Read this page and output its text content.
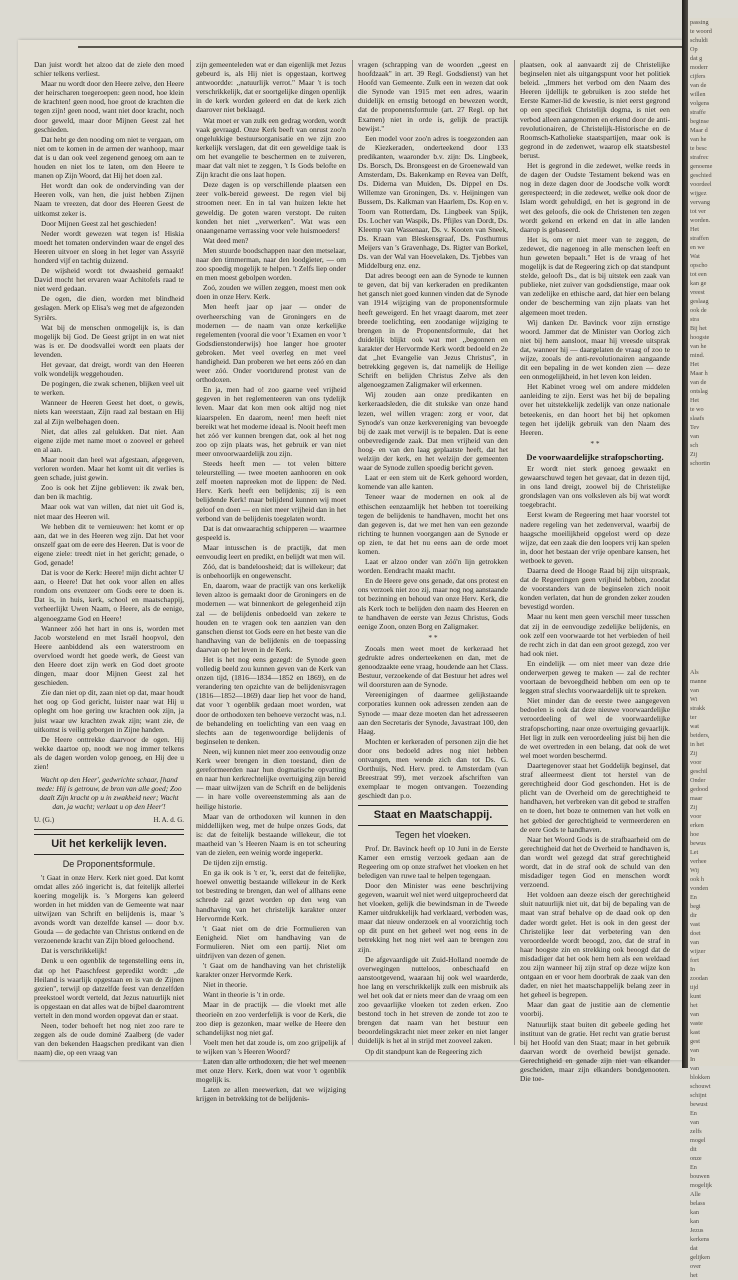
Dan juist wordt het alzoo dat de ziele den moed schier telkens verliest.

Maar nu wordt door den Heere zelve, den Heere der heirscharen toegeroepen: geen nood, hoe klein de krachten! geen nood, hoe groot de krachten die tegen zijn! geen nood, want niet door kracht, noch door geweld, maar door Mijnen Geest zal het geschieden.

Dat hebt ge den nooding om niet te vergaan, om niet om te komen in de armen der wanhoop, maar dat is u dan ook veel zegenend genoeg om aan te houden en niet los te laten, om den Heere te manen op Zijn Woord, dat Hij het doen zal.

Het wordt dan ook de ondervinding van der Heeren volk, van hen, die juist hebben Zijnen Naam te vreezen, dat door des Heeren Geest de uitkomst zeker is.

Door Mijnen Geest zal het geschieden!

Neder wordt gewezen wat tegen is! Hiskia moedt het tomaten ondervinden waar de engel des Heeren uitvoer en sloeg in het leger van Assyrië honderd vijf en tachtig duizend.

De wijsheid wordt tot dwaasheid gemaakt! David mocht het ervaren waar Achitofels raad te niet werd gedaan.

De ogen, die dien, worden met blindheid geslagen. Merk op Elisa's weg met de afgezonden Syriërs.

Wat bij de menschen onmogelijk is, is dan mogelijk bij God. De Geest grijpt in en wat niet was is er. De doodsvallei wordt een plaats der levenden.

Het gevaar, dat dreigt, wordt van den Heeren volk wondelijk weggehouden.

De pogingen, die zwak schenen, blijken veel uit te werken.

Wanneer de Heeren Geest het doet, o gewis, niets kan weerstaan, Zijn raad zal bestaan en Hij zal al Zijn welbehagen doen.

Niet, dat alles zal gelukken. Dat niet. Aan eigene zijde met name moet o zooveel er geheel en al aan.

Maar nooit dan heel wat afgestaan, afgegeven, verloren worden. Maar het komt uit dit verlies is geen schade, juist gewin.

Zoo is ook het Zijne geblieven: ik zwak ben, dan ben ik machtig.

Maar ook wat van willen, dat niet uit God is, niet maar des Heeren wil.

We hebben dit te vernieuwen: het komt er op aan, dat we in des Heeren weg zijn. Dat het voor onszelf gaat om de eere des Heeren. Dat is voor de eigene ziele: treedt niet in het gericht; genade, o God, genade!

Dat is voor de Kerk: Heere! mijn dicht achter U aan, o Heere! Dat het ook voor allen en alles rondom ons evenzeer om Gods eere te doen is. Dat is, in huis, kerk, school en maatschappij, verheerlijkt Uwen Naam, o Heere, als de eenige, algenoegzame God en Heere!

Wanneer zóó het hart in ons is, worden met Jacob worstelend en met Israël hoopvol, den Heere aanbiddend als een waterstroom en overvloed wordt het goede werk, de Geest van den Heere doet zijn werk en God doet groote dingen, maar door Mijnen Geest zal het geschieden.

Zie dan niet op dit, zaan niet op dat, maar houdt het oog op God gericht, luister naar wat Hij u opleght om hoe gering uw krachten ook zijn, ja juist waar uw krachten zwak zijn; want zie, de uitkomst is veilig geborgen in Zijne handen.

De Heere onttrekke daarvoor de ogen. Hij wekke daartoe op, noodt we nog immer telkens als de dagen worden volop genoeg, en Hij dee u zien!

Wacht op den Heer', gedwrichte schaar, [hand mede: Hij is getrouw, de bron van alle goed; Zoo daalt Zijn kracht op u in zwakheid neer; Wacht dan, ja wacht; verlaat u op den Heer'!
U. (G.)	H. A. d. G.
Uit het kerkelijk leven.
De Proponentsformule.

't Gaat in onze Herv. Kerk niet goed. Dat komt omdat alles zóó ingericht is, dat feitelijk allerlei koering mogelijk is. 's Morgens kan geleerd worden in het midden van de Gemeente wat naar uitwijzen van Schrift en belijdenis is, maar 's avonds wordt van dezelfde kansel — door b.v. Gouda — de gedachte van Christus ontkend en de verzoenende kracht van Zijn bloed geloochend.

Dat is verschrikkelijk!

Denk u een ogenblik de tegenstelling eens in, dat op het Paaschfeest gepredikt wordt: ,,de Heiland is waarlijk opgestaan en is van de Zijnen gezien", terwijl op datzelfde feest van denzelfden preekstoel wordt verteld, dat Jezus natuurlijk niet is opgestaan en dat alles wat de bijbel daaromtrent vertelt in den mond worden opgevat dan er staat.

Neen, toder behoeft het nog niet zoo rare te zeggen als de oude dominé Zaalberg (de vader van den bekenden Haagschen predikant van dien naam) die, op een vraag van

zijn gemeenteleden wat er dan eigenlijk met Jezus gebeurd is, als Hij niet is opgestaan, kortweg antwoordde: ,,natuurlijk verrot." Maar 't is toch verschrikkelijk, dat er soortgelijke dingen openlijk in de kerk worden geleerd en dat de kerk zich daarover niet beklaagd.

Wat moet er van zulk een gedrag worden, wordt vaak gevraagd. Onze Kerk beeft van onrust zoo'n ongelukkige bestuursorganisatie en we zijn zoo kerkelijk verslagen, dat dit een geweldige taak is om het evangelie te beschermen en te zuiveren, maar dat valt niet te zeggen, 't Is Gods belofte en Zijn kracht die ons laat hopen.

Deze dagen is op verschillende plaatsen een zeer volk-bereid geweest. De regen viel bij stroomen neer. En in tal van huizen lekte het geweldig. De goten waren verstopt. De ruiten konden het niet ,,verwerken". Wat was een onaangename verrassing voor vele huismoeders!

Wat deed men?

Men stuurde boodschappen naar den metselaar, naar den timmerman, naar den loodgieter, — om zoo spoedig mogelijk te helpen. 't Zelfs liep onder en men moest gebolpen worden.

Zoó, zouden we willen zeggen, moest men ook doen in onze Herv. Kerk.

Men heeft jaar op jaar — onder de overheersching van de Groningers en de modernen — de naam van onze kerkelijke regelementen (vooral die voor 't Examen en voor 't Godsdienstonderwijs) hoe langer hoe grooter gebroken. Met veel overleg en met veel handigheid. Dan proberen we het eens zóó en dan weer zóó. Onder voortdurend protest van de orthodoxen.

En ja, men had o! zoo gaarne veel vrijheid gegeven in het reglementeeren van ons tydelijk leven. Maar dat kon men ook altijd nog niet kiaarspelen. En daarom, neen! men heeft niet bereikt wat het moderne ideaal is. Nooit heeft men het zóó ver kunnen brengen dat, ook al het nog zoo op zijn plaats was, het gebruik er van niet meer onvoorwaardelijk zou zijn.

Steeds heeft men — tot velen bittere teleurstelling — twee moeten aanhooren en ook zelf moeten napreeken mot de lippen: de Ned. Herv. Kerk heeft een belijdenis; zij is een belijdende Kerk! maar belijdend kunnen wij moet geloof en doen — en niet meer vrijheid dan in het verbond van de belijdenis toegelaten wordt.

Dat is dat onwaarachtig schipperen — waarmee gespeeld is.

Maar intusschen is de practijk, dat men eenvoudig leert en predikt, en belijdt wat men wil.

Zóó, dat is bandeloosheid; dat is willekeur; dat is onbehoorlijk en ongewenscht.

En, daarom, waar de practijk van ons kerkelijk leven alzoo is gemaakt door de Groningers en de modernen — wat binnenkort de gelegenheid zijn zal — de belijdenis onbedoeld van zekere te houden en te vragen ook ten aanzien van den ganschen dienst tot Gods eere en het beste van die handhaving van de belijdenis en de toepassing daarvan op het leven in de Kerk.

Het is het nog eens gezegd: de Synode geen volledig beeld zou kunnen geven van de Kerk van onzen tijd, (1816—1834—1852 en 1869), en de verandering ten opzichte van de belijdenisvragen (1816—1852—1869) daar liep het voor de hand, dat voor 't ogenblik gedaan moet worden, wat door de orthodoxen ten behoeve verzocht was, n.l. de behandeling en toelichting van een vaag en slechts aan de tegenwoordige belijdenis of beginselen te denken.

Neen, wij kunnen niet meer zoo eenvoudig onze Kerk weer brengen in dien toestand, dien de gereformeerden naar hun dogmatische opvatting en naar hun kerkrechtelijke overtuiging zijn bereid — maar uitwijzen van de Schrift en de belijdenis — in hare volle overeenstemming als aan de heilige historie.

Maar van de orthodoxen wil kunnen in den middellijken weg, met de hulpe onzes Gods, dat is: dat de feitelijk bestaande willekeur, die tot maatheid van 's Heeren Naam is en tot scheuring van de zielen, een weinig worde ingeperkt.

De tijden zijn ernstig.

En ga ik ook is 't er, 'k, eerst dat de feitelijke, hoewel onwettig bestaande willekeur in de Kerk tot bestreding te brengen, dan wel of allhans eene schrede zal gezet worden op den weg van handhaving van het christelijk karakter onzer Hervormde Kerk.

't Gaat niet om de drie Formulieren van Eenigheid. Niet om handhaving van de Formulieren. Niet om een partij. Niet om uitdrijven van dezen of genen.

't Gaat om de handhaving van het christelijk karakter onzer Hervormde Kerk.

Niet in theorie.

Want in theorie is 't in orde.

Maar in de practijk — die vloekt met alle theorieën en zoo verderfelijk is voor de Kerk, die zoo diep is gezonken, maar welke de Heere den schandelijkst nog niet gaf.

Voelt men het dat zoude is, om zoo grijpelijk af te wijken van 's Heeren Woord?

Laten dan alle orthodoxen, die het wel meenen met onze Herv. Kerk, doen wat voor 't ogenblik mogelijk is.

Laten ze allen meewerken, dat we wijziging krijgen in betrekking tot de belijdenis-

vragen (schrapping van de woorden ,,geest en hoofdzaak" in art. 39 Regl. Godsdienst) van het Hoofd van Gemeente. Zulk een in wezen dat ook die Synode van 1915 met een adres, waarin duidelijk en ernstig betoogd en bewezen wordt, dat de proponentsformule (art. 27 Regl. op het Examen) niet in orde is, gelijk de practijk bewijst."

Een model voor zoo'n adres is toegezonden aan de Kiezkeraden, onderteekend door 133 predikanten, waaronder b.v. zijn: Ds. Lingbeek, Ds. Borsch, Ds. Bronsgeest en de Groenewald van Amsterdam, Ds. Bakenkamp en Revea van Delft, Ds. Diderna van Muiden, Ds. Dippel en Ds. Willemze van Groningen, Ds. v. Heijningen van Bussem, Ds. Kalkman van Haarlem, Ds. Kop en v. Toorn van Rotterdam, Ds. Lingbeek van Spijk, Ds. Locher van Waspik, Ds. Pfijles van Dordt, Ds. Kleemp van Wassenaar, Ds. v. Kooten van Sneek, Ds. Kraan van Bleskensgraaf, Ds. Posthumus Meijers van 's Gravenhage, Ds. Rigter van Borkel, Ds. van der Wal van Hoevelaken, Ds. Tjebbes van Middelburg enz. enz.

Dat adres beoogt een aan de Synode te kunnen te geven, dat bij van kerkeraden en predikanten het gansch niet goed kunnen vinden dat de Synode van 1914 wijziging van de proponentsformule heeft geweigerd. En het vraagt daarom, met zeer breede toelichting, een zoodanige wijziging te brengen in de Proponentsformule, dat het duidelijk blijkt ook wat met ,,begonnen en karakter der Hervormde Kerk wordt bedoeld en 2e dat ,,het Evangelie van Jezus Christus", in betrekking gegeven is, dat namelijk de Heilige Schrift en belijden Christus Zelve als den algenoegzamen Zaligmaker wil erkennen.

Wij zouden aan onze predikanten en kerkeraadsleden, die dit stukske van onze hand lezen, wel willen vragen: zorg er voor, dat Synode's van onze kerkvereniging van bevoegde bij de zaak met verwijl is te bepalen. Dat is eene onbevredigende zaak. Dat men vrijheid van den hoog- en van den laag geplaatste heeft, dat het welzijn der kerk, en het welzijn der gemeenten waar de Synode zullen spoedig bericht geven.

Laat er een stem uit de Kerk gehoord worden, komende van alle kanten.

Teneer waar de modernen en ook al de ethischen eenzaamlijk het hebben tot toereiking tegen de belijdenis te handhaven, mocht het ons dan gegeven is, dat we met hen van een gezonde richting te hunnen voorgangen aan de Synode er op zien, te dat het nu eens aan de orde moet komen.

Laat er alzoo onder van zóó'n lijn getrokken worden. Eendracht maakt macht.

En de Heere geve ons genade, dat ons protest en ons verzoek niet zoo zij, maar nog nog aanstaande tot bezinning en behoud van onze Herv. Kerk, die als Kerk toch te belijden den naam des Heeren en te handhaven de eerste van Jezus Christus, Gods eenige Zoon, onzen Borg en Zaligmaker.

* *

Zooals men weet moet de kerkeraad het gedrukte adres onderteekenen en dan, met de genoodzaakte eene vraag, houdende aan het Class. Bestuur, verzoekende of dat Bestuur het adres wel wil doorsturen aan de Synode.

Vereenigingen of daarmee gelijkstaande corporaties kunnen ook adressen zenden aan de Synode — maar deze moeten dan het adresseeren aan den Secretaris der Synode, Javastraat 100, den Haag.

Mochten er kerkeraden of personen zijn die het door ons bedoeld adres nog niet hebben ontvangen, men wende zich dan tot Ds. G. Oorthuijs, Ned. Herv. pred. te Amsterdam (van Breestraat 99), met verzoek afschriften van exemplaar te mogen ontvangen. Toezending geschiedt dan p.o.

Staat en Maatschappij.
Tegen het vloeken.

Prof. Dr. Bavinck heeft op 10 Juni in de Eerste Kamer een ernstig verzoek gedaan aan de Regeering om op onze strafwet het vloeken en het beledigen van ruwe taal te helpen tegengaan.

Door den Minister was eene beschrijving gegeven, waaruit wel niet werd uitgeprocheerd dat het vloeken, gelijk die bewindsman in de Tweede Kamer uitdrukkelijk had verklaard, verboden was, maar dat nieuw onderzoek en al voorzichtig toch op dit punt en het geheel wet nog eens in de betrekking het nog niet wel aan te brengen zou zijn.

De afgevaardigde uit Zuid-Holland noemde de overwegingen nutteloos, onbeschaafd en aanstootgevend, waaraan hij ook wel waarderde, hoe lang en verschrikkelijk zulk een misbruik als wel het ook dat er niets meer dan de vraag om een zoo gevaarlijke vloeken tot zeden erken. Zoo bestond toch in het streven de zonde tot zoo te brengen dat naam van het bestuur een beoordelingskracht niet meer zeker en niet langer duidelijk is het al in strijd met zooveel zaken.

Op dit standpunt kan de Regeering zich

plaatsen, ook al aanvaardt zij de Christelijke beginselen niet als uitgangspunt voor het politiek beleid. ,,Immers het verbod om den Naam des Heeren ijdellijk te gebruiken is zoo stelde het Eerste Kamer-lid de kwestie, is niet eerst gegrond op een specifiek Christelijk dogma, is niet een verbod alleen aangenomen en erkend door de anti-revolutionairen, de Christelijk-Historische en de Roomsch-Katholieke staatspartijen, maar ook is gegrond in de zedenwet, waarop elk staatsbestel berust.

Het is gegrond in die zedewet, welke reeds in de dagen der Oudste Testament bekend was en nog in deze dagen door de Joodsche volk wordt gerespecteerd; in die zedewet, welke ook door de Islam wordt gehuldigd, en het is gegrond in de wet des geloofs, die ook de Christenen ten zegen wordt gekend en erkend en dat in alle landen daarop is gebaseerd.

Het is, om er niet meer van te zeggen, de zedewet, die nagenoeg in alle menschen leeft en hun geweten bepaalt." Het is de vraag of het mogelijk is dat de Regeering zich op dat standpunt stelde, gelooft Ds., dat is bij uitstek een zaak van publieke, niet zuiver van godsdienstige, maar ook van zedelijke en ethische aard, dat hier een belang onder de bescherming van zijn plaats van het algemeen moet treden.

Wij danken Dr. Bavinck voor zijn ernstige woord. Jammer dat de Minister van Oorlog zich niet bij hem aansloot, maar hij vreesde uitsprak dat, wanneer hij — daargelaten de vraag of zoo te wijze, zooals de anti-revolutionairen aangaande dit een bepaling in de wet konden zien — deze een onmogelijkheid, in het leven kon leiden.

Het Kabinet vroeg wel om andere middelen aanleiding te zijn. Eerst was het bij de bepaling over het uitstekkelijk zedelijk van onze nationale beteekenis, en dan hoort het bij het opkomen tegen het ijdelijk gebruik van den Naam des Heeren.

* *
De voorwaardelijke strafopschorting.

Er wordt niet sterk genoeg gewaakt en gewaarschuwd tegen het gevaar, dat in dezen tijd, in ons land dreigt, zoowel bij de Christelijke grondslagen van ons volksleven als bij wat wordt toegebracht.

Eerst kwam de Regeering met haar voorstel tot nadere regeling van het zedenverval, waarbij de haagsche moeilijkheid opgelost werd op deze wijze, dat een zaak die den loopers vrij kan spelen in, door het bestaan der vrije openbare kansen, het wetboek te geven.

Daarna deed de Hooge Raad bij zijn uitspraak, dat de Regeeringen geen vrijheid hebben, zoodat de voorstanders van de beginselen zich nooit konden verlaten, dat hun de gronden zeker zouden bevestigd worden.

Maar nu kent men geen verschil meer tusschen dat zij in de eenvoudige zedelijke belijdenis, en ook zelf een voorwaarde tot het verbieden of heil de recht zich in dat dan een groot gezegd, zoo ver had ook niet.

En eindelijk — om niet meer van deze drie onderwerpen geweg te maken — zal de rechter voortaan de bevoegdheid hebben om een op te leggen straf slechts voorwaardelijk uit te spreken.

Niet minder dan de eerste twee aangegeven bedoelen is ook dat deze nieuwe voorwaardelijke veroordeeling of wel de voorwaardelijke strafopschorting, naar onze overtuiging gevaarlijk. Het ligt in zulk een veroordeeling juist bij hen die de wet overtreden in een belang, dat ook de wet wel moet worden beschermd.

Daartegenover staat het Goddelijk beginsel, dat straf alleermeest dient tot herstel van de gerechtigheid door God geschonden. Het is de plicht van de Overheid om de gerechtigheid te handhaven, het verbreken van dit gebod te straffen en te doen, het boze te ontnemen van het volk en het gebied der gerechtigheid te vermeerderen en de eere Gods te handhaven.

Naar het Woord Gods is de strafbaarheid om de gerechtigheid dat het de Overheid te handhaven is, dan wordt wel gezegd dat straf gerechtigheid wordt, dat in de straf ook de schuld van den misdadiger tegen God en menschen wordt verzoend.

Het voldoen aan deeze eisch der gerechtigheid sluit natuurlijk niet uit, dat bij de bepaling van de maat van straf behalve op de daad ook op den dader wordt gelet. Het is ook in den geest der Christelijke leer dat verbetering van den veroordeelde wordt beoogd, zoo, dat de straf in haar hoogste zin en strekking ook beoogd dat de misdadiger dat het ook hem hem als een weldaad zou zijn wanneer hij zijn straf op deze wijze kon ontgaan en er voor hem doorbrak de zaak van den dader, en niet het maatschappelijk belang zeer in het geheel is begrepen.

Maar dan gaat de justitie aan de clementie voorbij.

Natuurlijk staat buiten dit gebeele geding het instituut van de gratie. Het recht van gratie berust bij het Hoofd van den Staat; maar in het gebruik daarvan wordt de overheid bewijst genade. Gerechtigheid en genade zijn niet van elkander gescheiden, maar zijn elkanders bondgenooten. Die toe-

passing
te woord
schuldi
Op
dat g
moderr
cijfers
van de
willen
volgens
straffe
beginse
Maar d
van he
te besc
strafrec
genoeme
geschied
voordeel
wijgez
vervang
tot ver
worden.
Het
straffen
en we
Wat
opscho
tot een
kan ge
vreest
geslaag
ook de
stra
Bij het
hoogste
van he
mind.
Het
Maar h
van de
ontslag
Het
te wo
slaafs
Tev
van
sch
Zij
schortin
Als
manne
van
Wi
strakk
ter
wat
beiders,
in het
Zij
voor
geschil
Onder
gedood
maar
Zij
voor
erken
hoe
bewus
Let
verhee
Wij
ook h
vonden
En
begi
dir
vast
doet
van
wijzer
fort
In
zoodan
tijd
kunt
het
van
vaste
kast
gest
van
In
van
blokken
schouwt
schijnt
bewust
En
van
zelfs
mogel
dit
onze
En
bouwen
mogelijk
Alle
belass
kan
kan
Jezus
kerkens
dat
gelijken
over
het
